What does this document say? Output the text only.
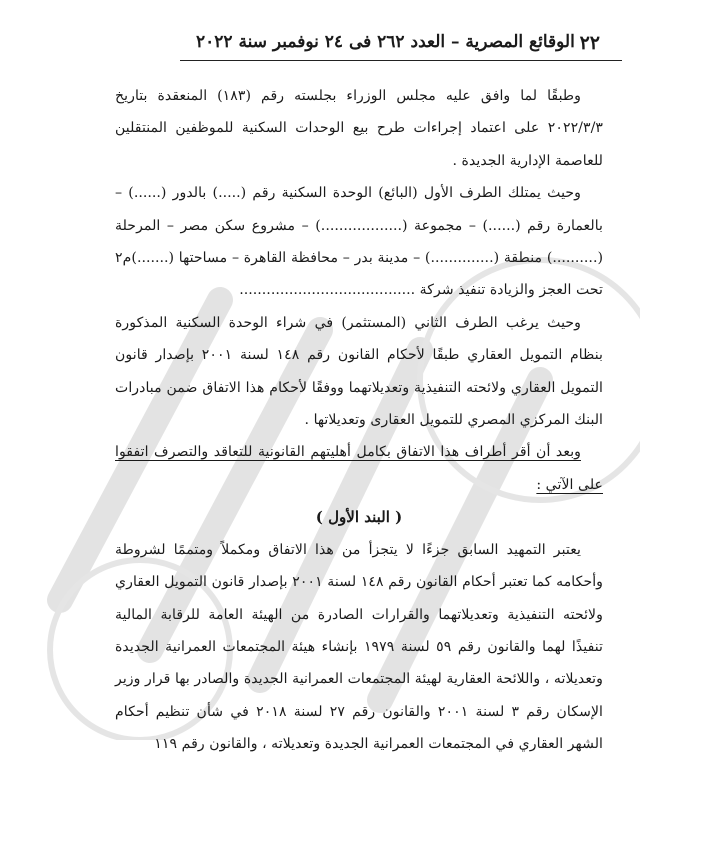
٢٢
الوقائع المصرية – العدد ٢٦٢ فى ٢٤ نوفمبر سنة ٢٠٢٢

وطبقًا لما وافق عليه مجلس الوزراء بجلسته رقم (١٨٣) المنعقدة بتاريخ ٢٠٢٢/٣/٣ على اعتماد إجراءات طرح بيع الوحدات السكنية للموظفين المنتقلين للعاصمة الإدارية الجديدة .

وحيث يمتلك الطرف الأول (البائع) الوحدة السكنية رقم (.....) بالدور (......) – بالعمارة رقم (......) – مجموعة (..................) – مشروع سكن مصر – المرحلة (..........) منطقة (..............) – مدينة بدر – محافظة القاهرة – مساحتها (.......)م٢ تحت العجز والزيادة تنفيذ شركة .......................................

وحيث يرغب الطرف الثاني (المستثمر) في شراء الوحدة السكنية المذكورة بنظام التمويل العقاري طبقًا لأحكام القانون رقم ١٤٨ لسنة ٢٠٠١ بإصدار قانون التمويل العقاري ولائحته التنفيذية وتعديلاتهما ووفقًا لأحكام هذا الاتفاق ضمن مبادرات البنك المركزي المصري للتمويل العقارى وتعديلاتها .

وبعد أن أقر أطراف هذا الاتفاق بكامل أهليتهم القانونية للتعاقد والتصرف اتفقوا على الآتي :

( البند الأول )

يعتبر التمهيد السابق جزءًا لا يتجزأ من هذا الاتفاق ومكملاً ومتممًا لشروطة وأحكامه كما تعتبر أحكام القانون رقم ١٤٨ لسنة ٢٠٠١ بإصدار قانون التمويل العقاري ولائحته التنفيذية وتعديلاتهما والقرارات الصادرة من الهيئة العامة للرقابة المالية تنفيذًا لهما والقانون رقم ٥٩ لسنة ١٩٧٩ بإنشاء هيئة المجتمعات العمرانية الجديدة وتعديلاته ، واللائحة العقارية لهيئة المجتمعات العمرانية الجديدة والصادر بها قرار وزير الإسكان رقم ٣ لسنة ٢٠٠١ والقانون رقم ٢٧ لسنة ٢٠١٨ في شأن تنظيم أحكام الشهر العقاري في المجتمعات العمرانية الجديدة وتعديلاته ، والقانون رقم ١١٩
